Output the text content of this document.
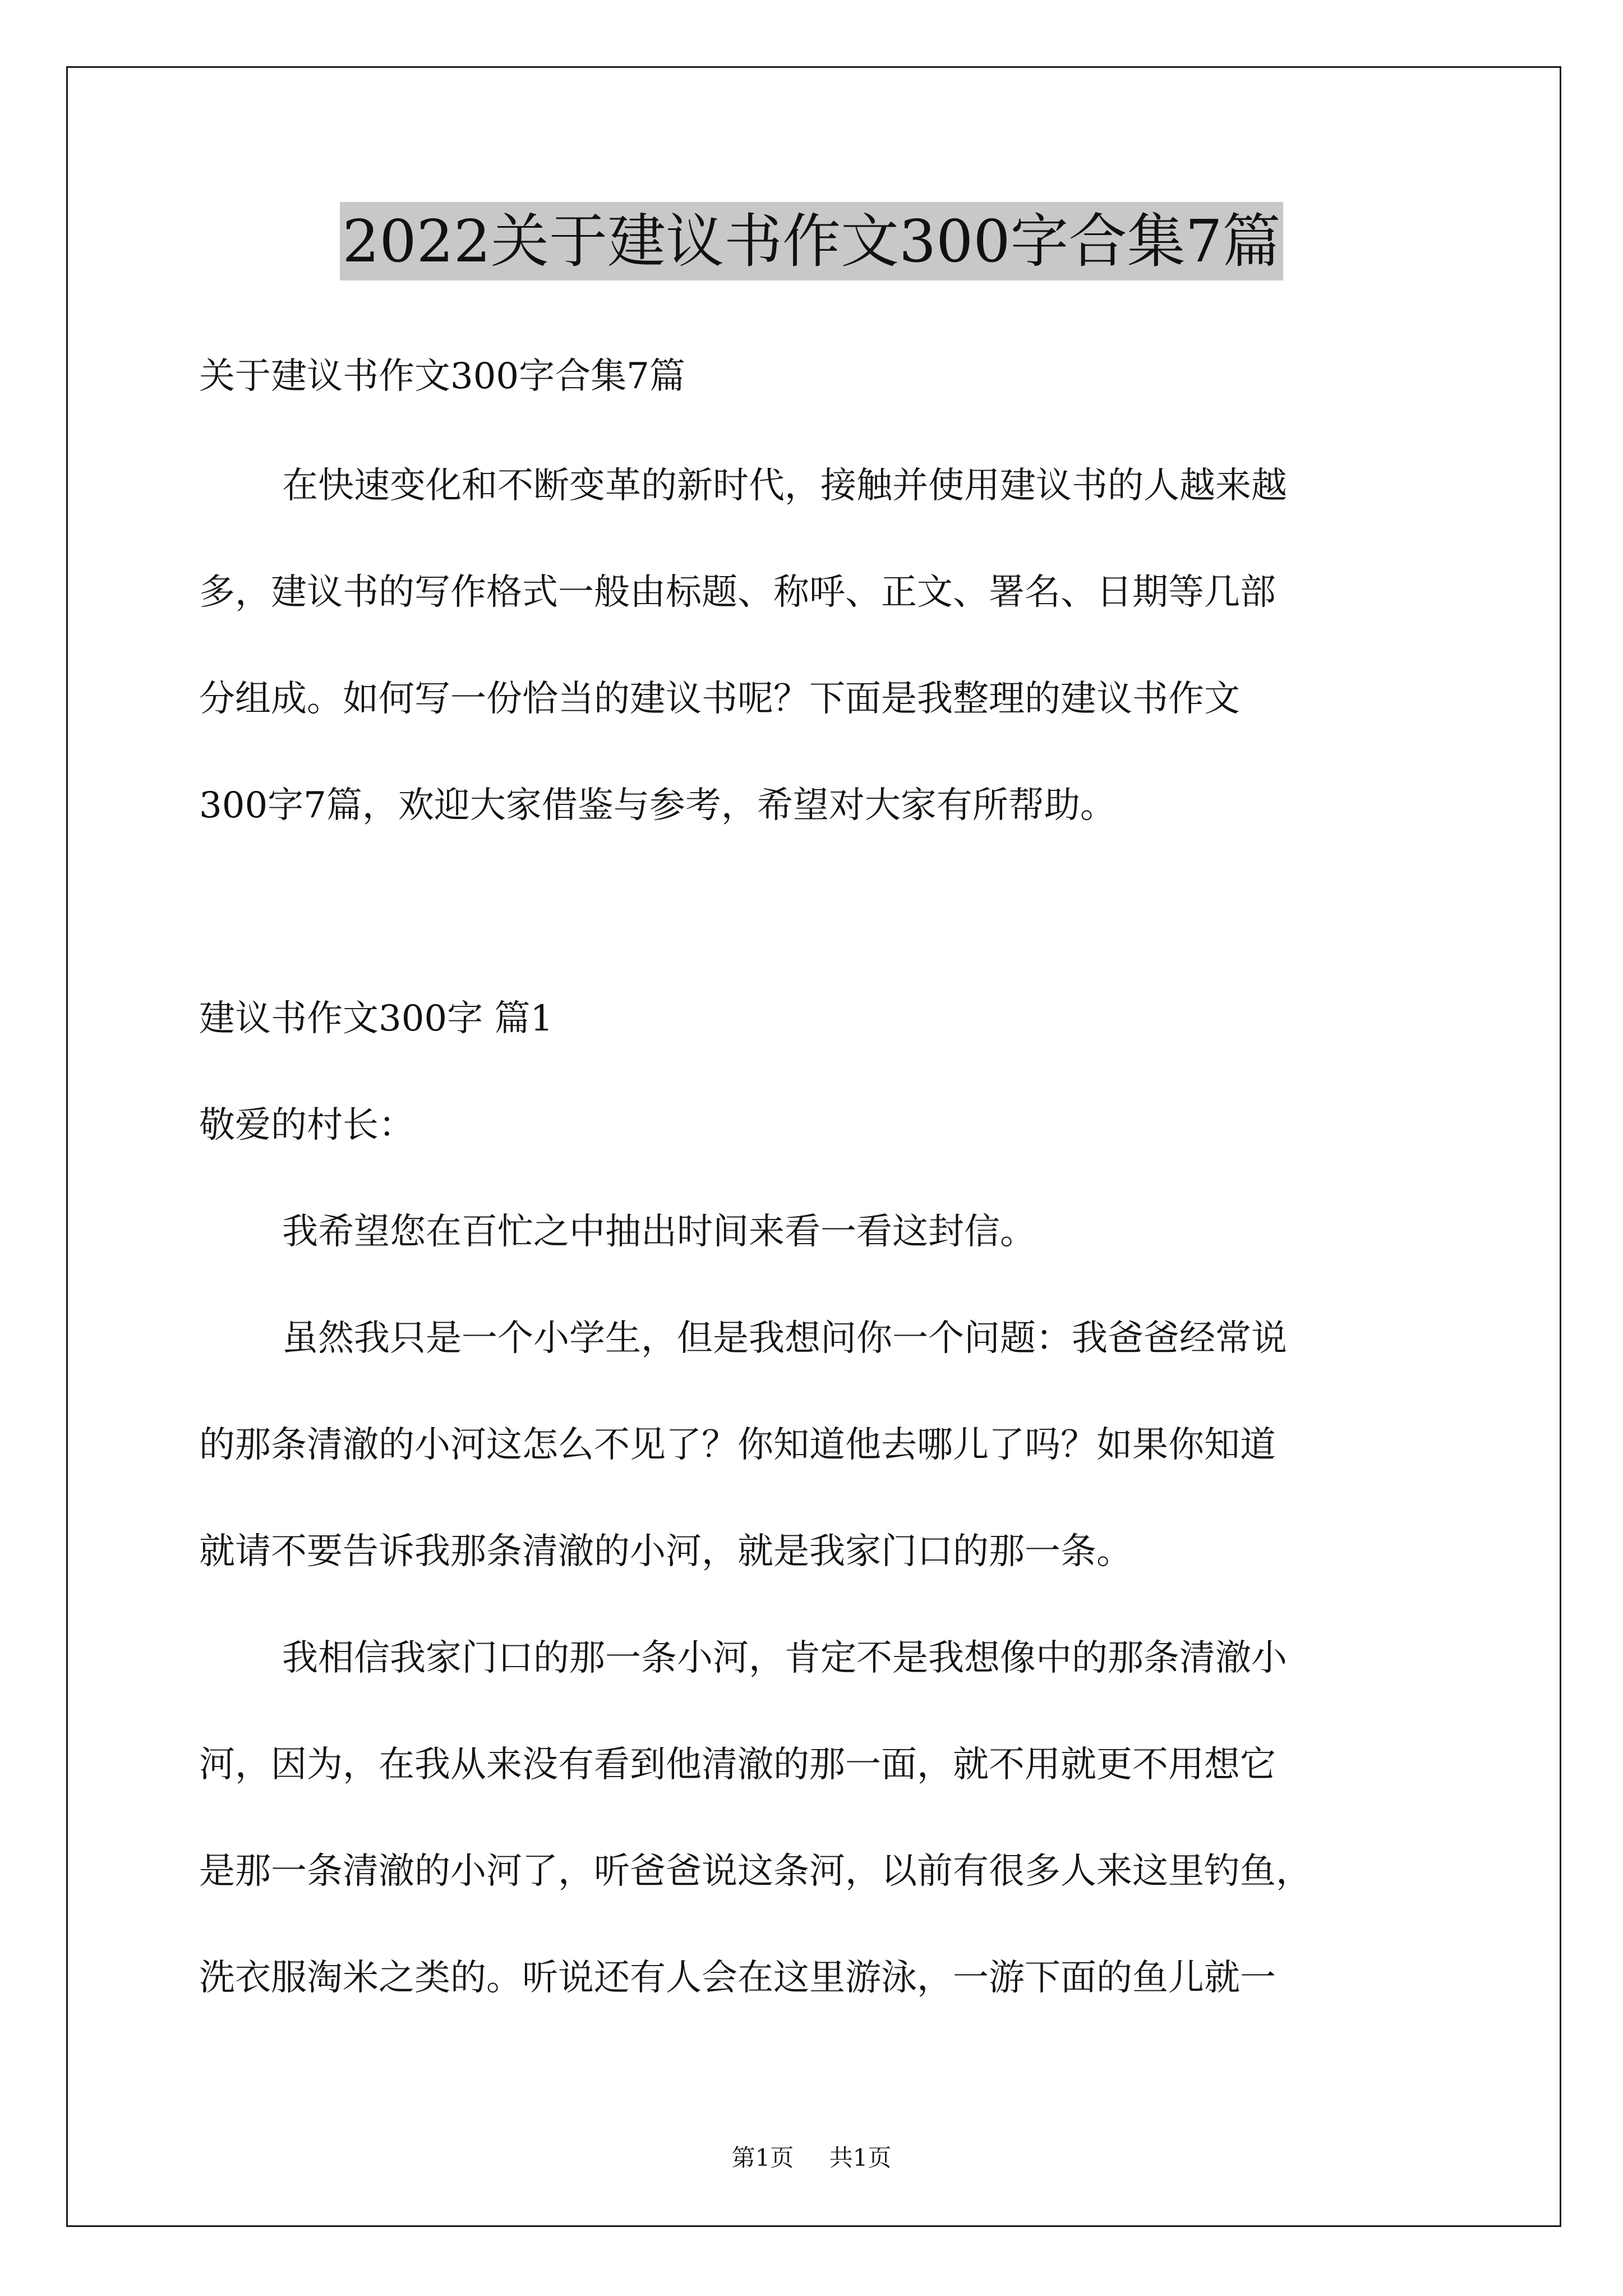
2022关于建议书作文300字合集7篇

关于建议书作文300字合集7篇

在快速变化和不断变革的新时代，接触并使用建议书的人越来越

多，建议书的写作格式一般由标题、称呼、正文、署名、日期等几部

分组成。如何写一份恰当的建议书呢？下面是我整理的建议书作文

300字7篇，欢迎大家借鉴与参考，希望对大家有所帮助。

建议书作文300字 篇1

敬爱的村长：

我希望您在百忙之中抽出时间来看一看这封信。

虽然我只是一个小学生，但是我想问你一个问题：我爸爸经常说

的那条清澈的小河这怎么不见了？你知道他去哪儿了吗？如果你知道

就请不要告诉我那条清澈的小河，就是我家门口的那一条。

我相信我家门口的那一条小河，肯定不是我想像中的那条清澈小

河，因为，在我从来没有看到他清澈的那一面，就不用就更不用想它

是那一条清澈的小河了，听爸爸说这条河，以前有很多人来这里钓鱼，

洗衣服淘米之类的。听说还有人会在这里游泳，一游下面的鱼儿就一

第1页 共1页
